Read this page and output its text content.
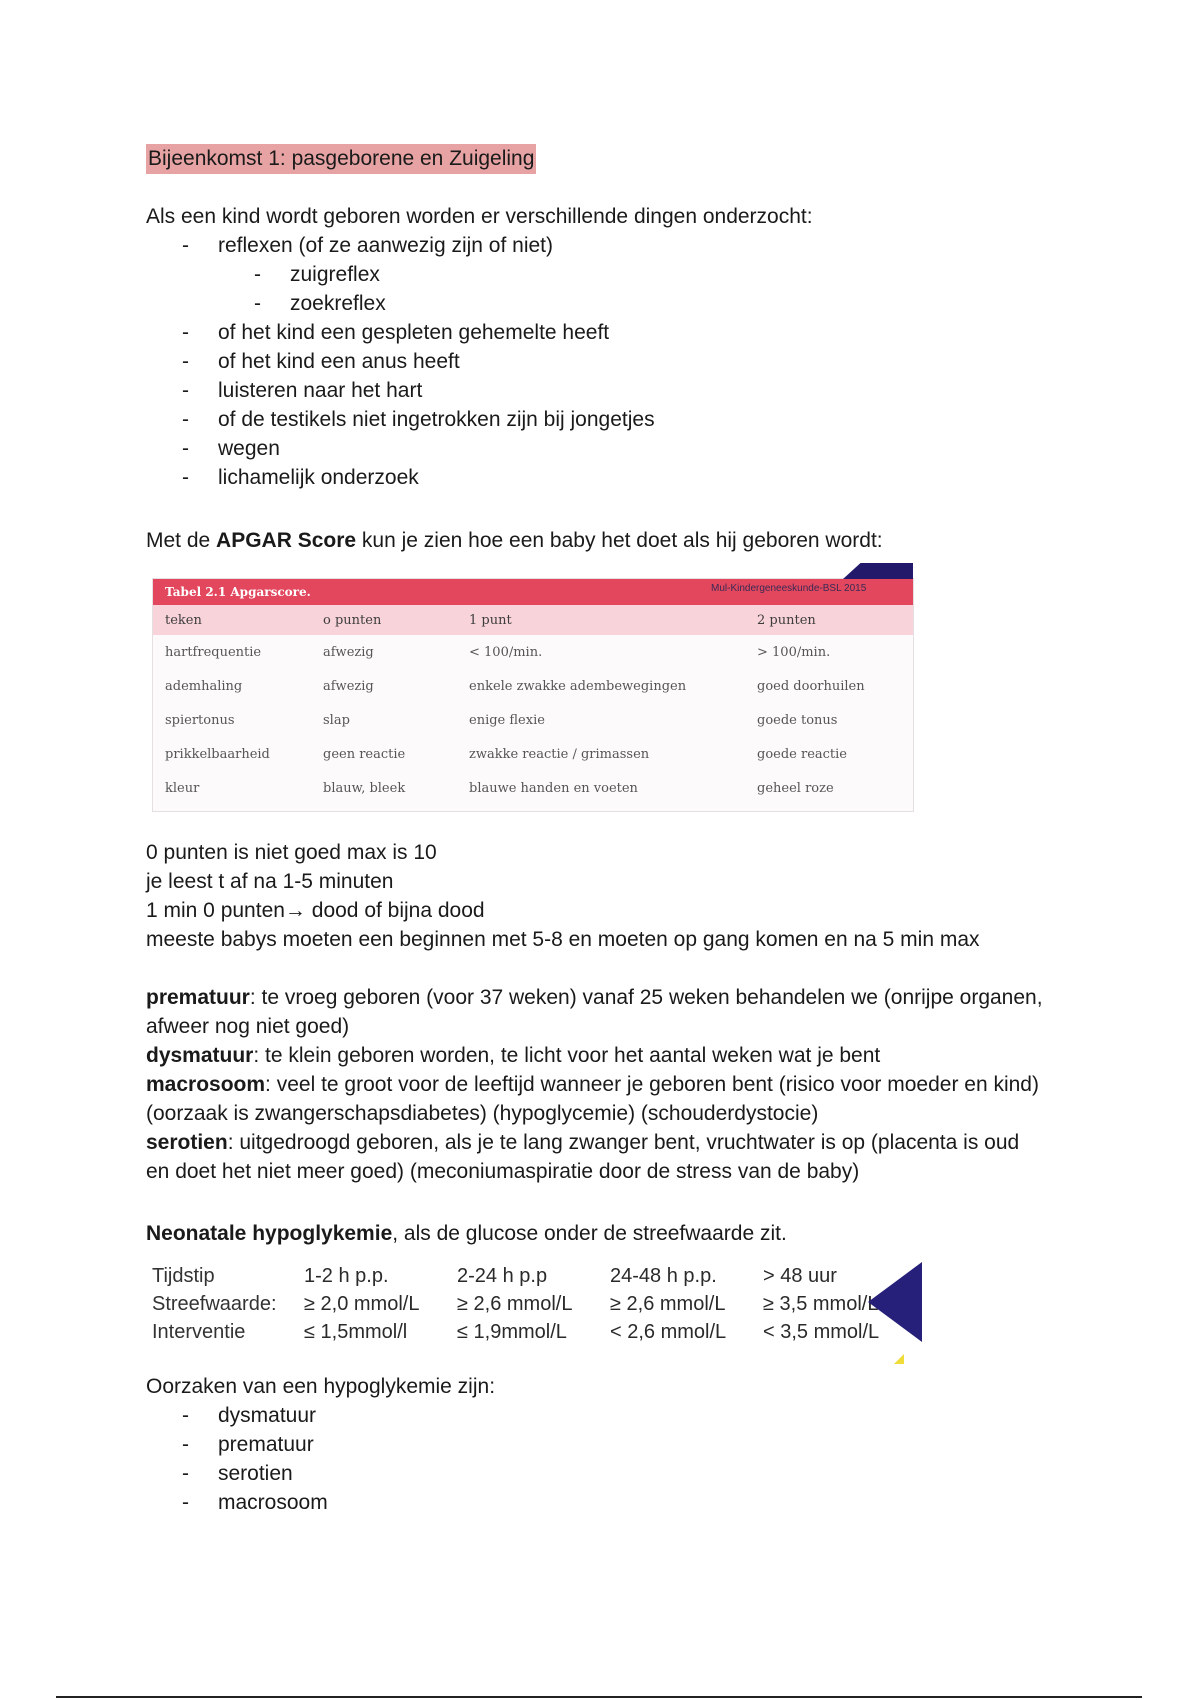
Bijeenkomst 1: pasgeborene en Zuigeling

Als een kind wordt geboren worden er verschillende dingen onderzocht:

- reflexen (of ze aanwezig zijn of niet)
- zuigreflex
- zoekreflex
- of het kind een gespleten gehemelte heeft
- of het kind een anus heeft
- luisteren naar het hart
- of de testikels niet ingetrokken zijn bij jongetjes
- wegen
- lichamelijk onderzoek

Met de APGAR Score kun je zien hoe een baby het doet als hij geboren wordt:

Tabel 2.1 Apgarscore.	Mul-Kindergeneeskunde-BSL 2015
teken	o punten	1 punt	2 punten
hartfrequentie	afwezig	< 100/min.	> 100/min.
ademhaling	afwezig	enkele zwakke adembewegingen	goed doorhuilen
spiertonus	slap	enige flexie	goede tonus
prikkelbaarheid	geen reactie	zwakke reactie / grimassen	goede reactie
kleur	blauw, bleek	blauwe handen en voeten	geheel roze

0 punten is niet goed max is 10

je leest t af na 1-5 minuten

1 min 0 punten→ dood of bijna dood

meeste babys moeten een beginnen met 5-8 en moeten op gang komen en na 5 min max

prematuur: te vroeg geboren (voor 37 weken) vanaf 25 weken behandelen we (onrijpe organen, afweer nog niet goed)

dysmatuur: te klein geboren worden, te licht voor het aantal weken wat je bent

macrosoom: veel te groot voor de leeftijd wanneer je geboren bent (risico voor moeder en kind) (oorzaak is zwangerschapsdiabetes) (hypoglycemie) (schouderdystocie)

serotien: uitgedroogd geboren, als je te lang zwanger bent, vruchtwater is op (placenta is oud en doet het niet meer goed) (meconiumaspiratie door de stress van de baby)

Neonatale hypoglykemie, als de glucose onder de streefwaarde zit.

Tijdstip	1-2 h p.p.	2-24 h p.p	24-48 h p.p.	> 48 uur
Streefwaarde:	≥ 2,0 mmol/L	≥ 2,6 mmol/L	≥ 2,6 mmol/L	≥ 3,5 mmol/L
Interventie	≤ 1,5mmol/l	≤ 1,9mmol/L	< 2,6 mmol/L	< 3,5 mmol/L

Oorzaken van een hypoglykemie zijn:

- dysmatuur
- prematuur
- serotien
- macrosoom
